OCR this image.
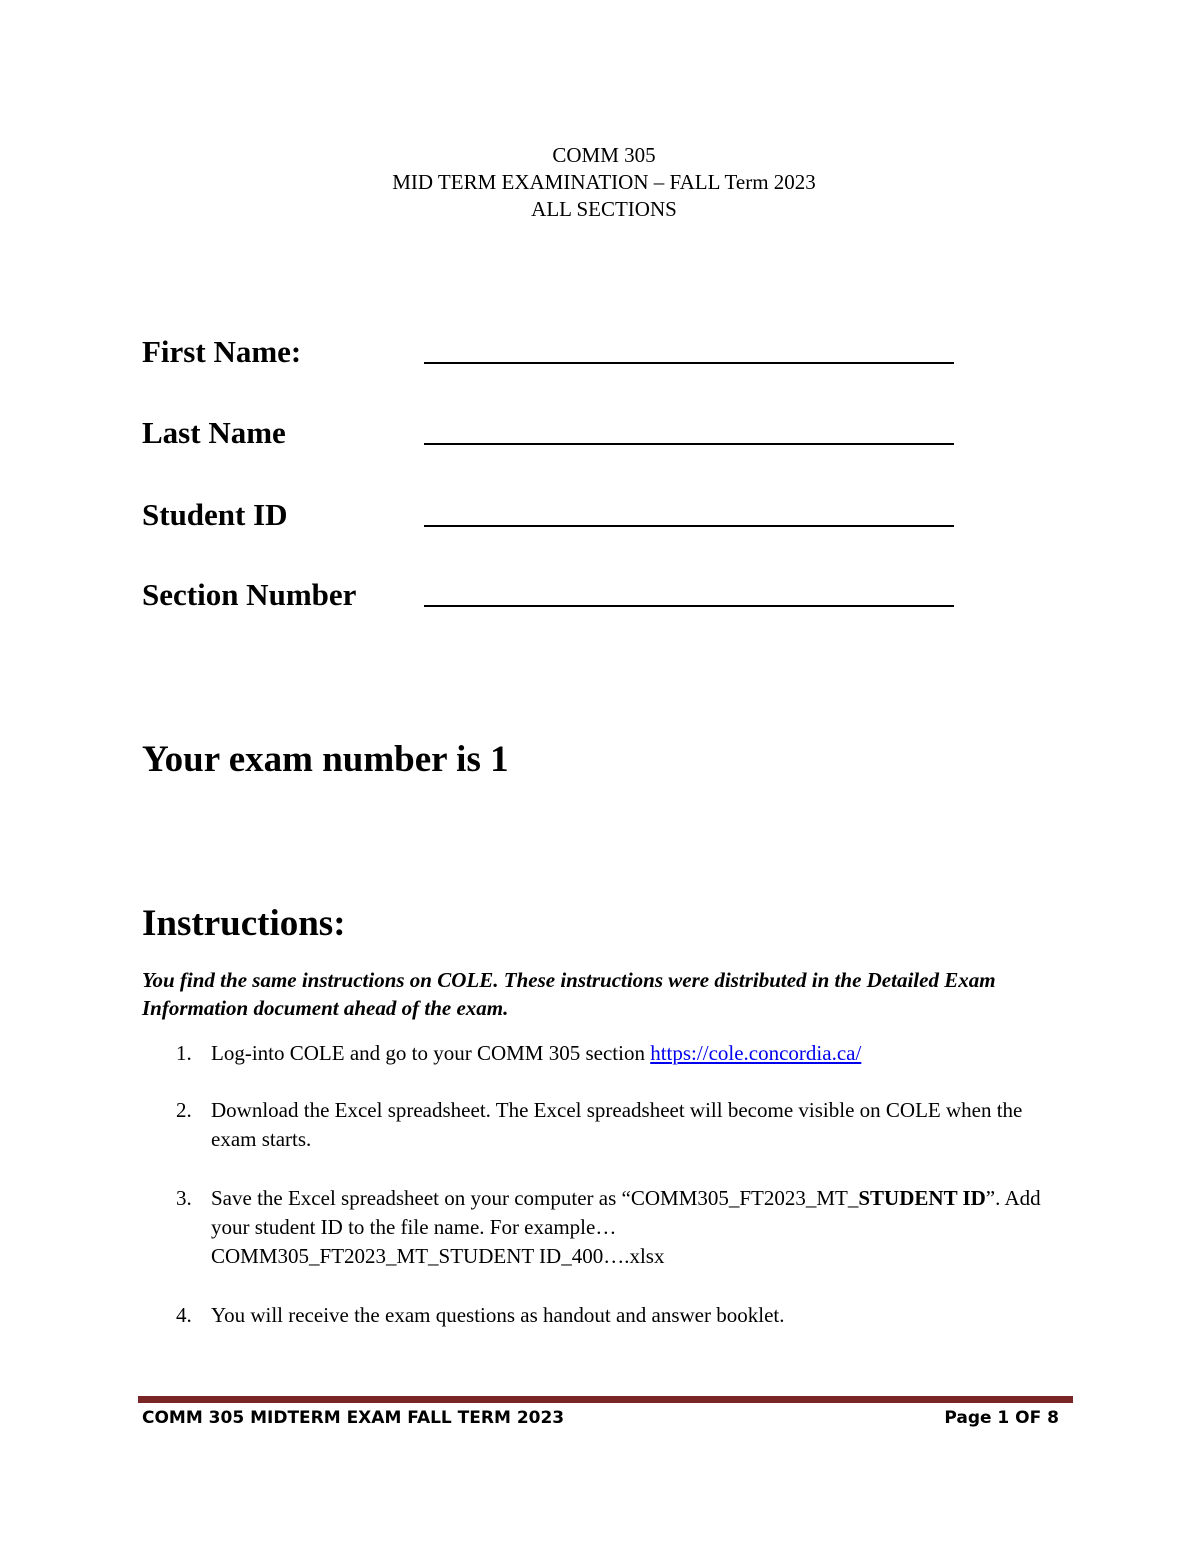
COMM 305
MID TERM EXAMINATION – FALL Term 2023
ALL SECTIONS
First Name:
Last Name
Student ID
Section Number
Your exam number is 1
Instructions:
You find the same instructions on COLE. These instructions were distributed in the Detailed Exam Information document ahead of the exam.
1. Log-into COLE and go to your COMM 305 section https://cole.concordia.ca/
2. Download the Excel spreadsheet. The Excel spreadsheet will become visible on COLE when the exam starts.
3. Save the Excel spreadsheet on your computer as “COMM305_FT2023_MT_STUDENT ID”. Add your student ID to the file name. For example…
COMM305_FT2023_MT_STUDENT ID_400….xlsx
4. You will receive the exam questions as handout and answer booklet.
COMM 305 MIDTERM EXAM FALL TERM 2023	Page 1 OF 8
